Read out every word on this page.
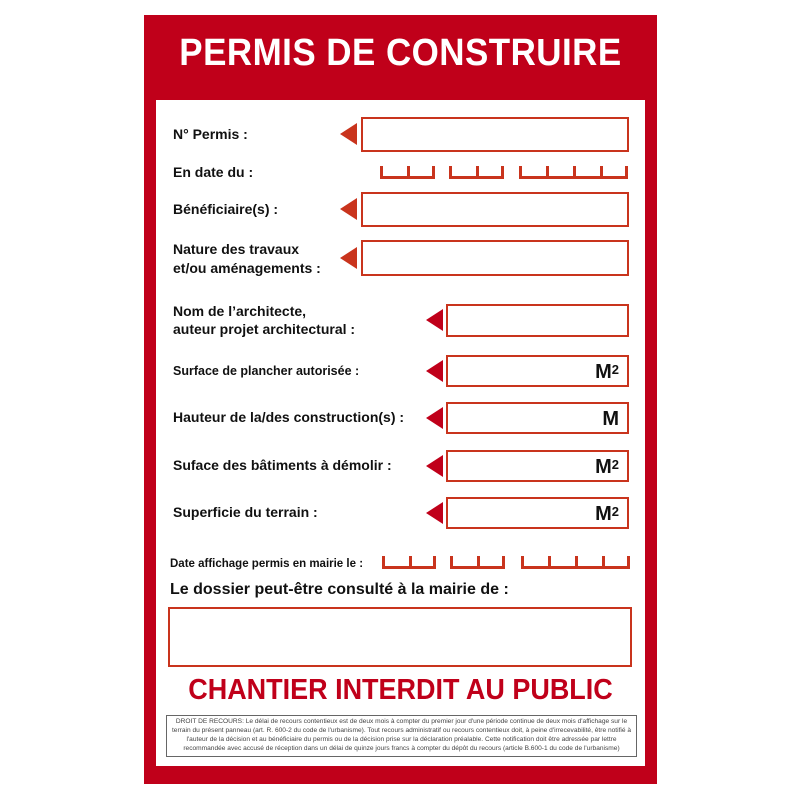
PERMIS DE CONSTRUIRE
N° Permis :
En date du :
Bénéficiaire(s) :
Nature des travaux
et/ou aménagements :
Nom de l’architecte,
auteur projet architectural :
Surface de plancher autorisée :	$M^2$
Hauteur de la/des construction(s) :	M
Suface des bâtiments à démolir :	$M^2$
Superficie du terrain :	$M^2$
Date affichage permis en mairie le :
Le dossier peut-être consulté à la mairie de :
CHANTIER INTERDIT AU PUBLIC
DROIT DE RECOURS: Le délai de recours contentieux est de deux mois à compter du premier jour d'une période continue de deux mois d'affichage sur le terrain du présent panneau (art. R. 600-2 du code de l'urbanisme). Tout recours administratif ou recours contentieux doit, à peine d'irrecevabilité, être notifié à l'auteur de la décision et au bénéficiaire du permis ou de la décision prise sur la déclaration préalable. Cette notification doit être adressée par lettre recommandée avec accusé de réception dans un délai de quinze jours francs à compter du dépôt du recours (article B.600-1 du code de l'urbanisme)
